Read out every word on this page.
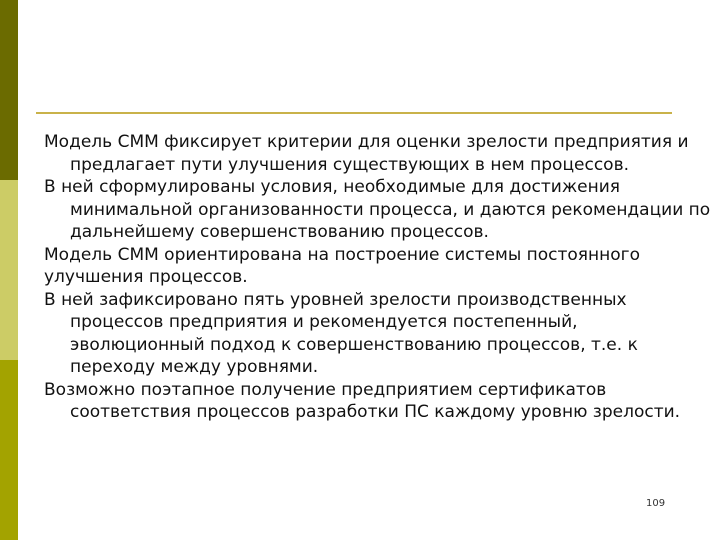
Модель СММ фиксирует критерии для оценки зрелости предприятия и предлагает пути улучшения существующих в нем процессов.
В ней сформулированы условия, необходимые для достижения минимальной организованности процесса, и даются рекомендации по дальнейшему совершенствованию процессов.
Модель СММ ориентирована на построение системы постоянного
улучшения процессов.
В ней зафиксировано пять уровней зрелости производственных процессов предприятия и рекомендуется постепенный, эволюционный подход к совершенствованию процессов, т.е. к переходу между уровнями.
Возможно поэтапное получение предприятием сертификатов соответствия процессов разработки ПС каждому уровню зрелости.
109
